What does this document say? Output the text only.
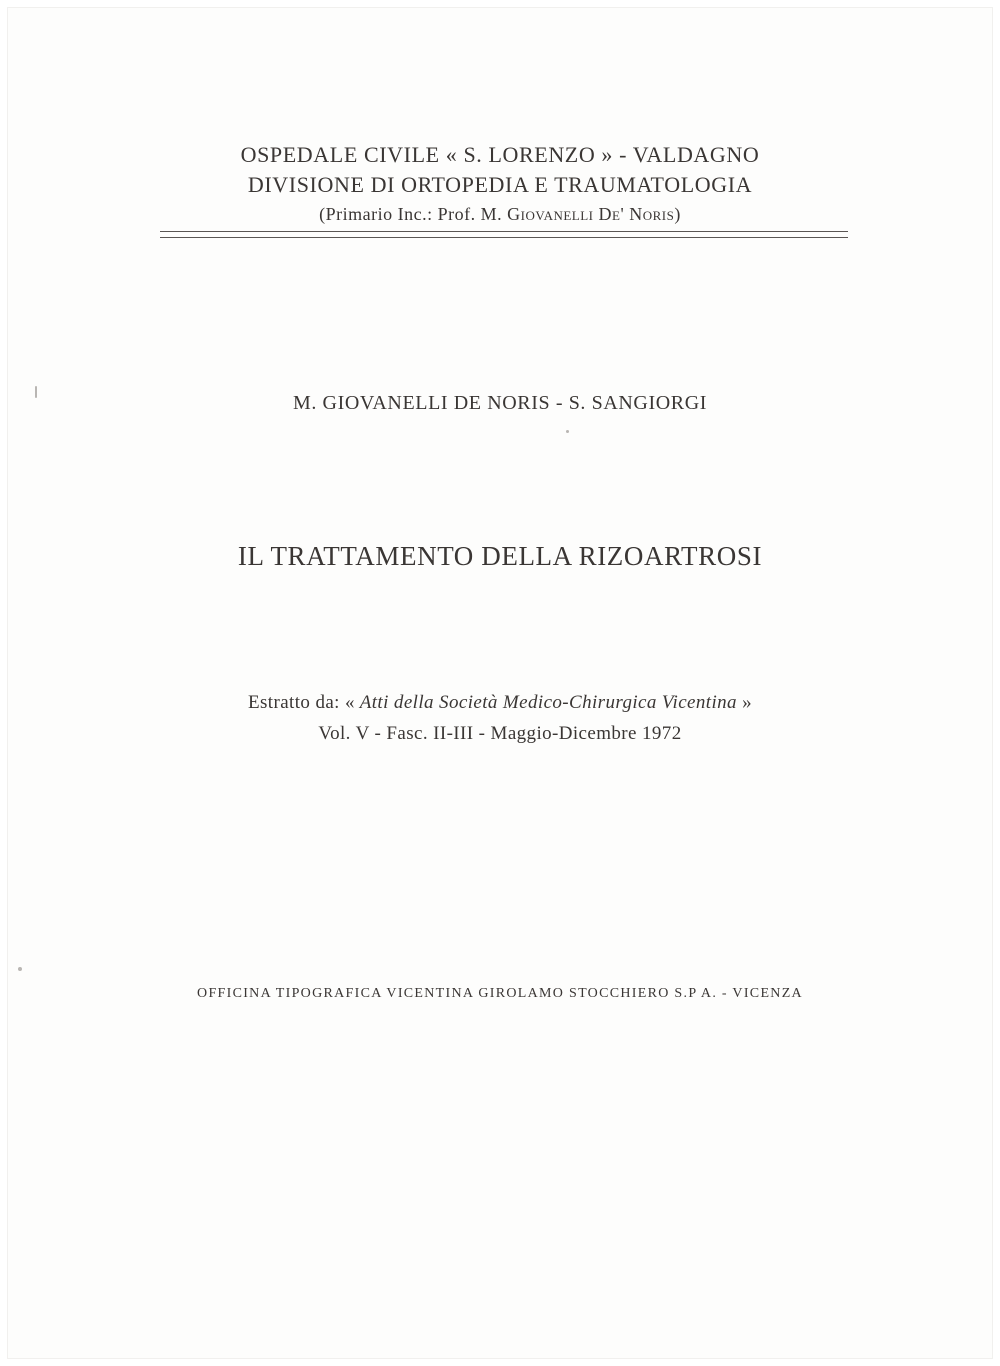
OSPEDALE CIVILE « S. LORENZO » - VALDAGNO
DIVISIONE DI ORTOPEDIA E TRAUMATOLOGIA
(Primario Inc.: Prof. M. Giovanelli De' Noris)
M. GIOVANELLI DE NORIS - S. SANGIORGI
IL TRATTAMENTO DELLA RIZOARTROSI
Estratto da: « Atti della Società Medico-Chirurgica Vicentina »
Vol. V - Fasc. II-III - Maggio-Dicembre 1972
OFFICINA TIPOGRAFICA VICENTINA GIROLAMO STOCCHIERO S.P A. - VICENZA
